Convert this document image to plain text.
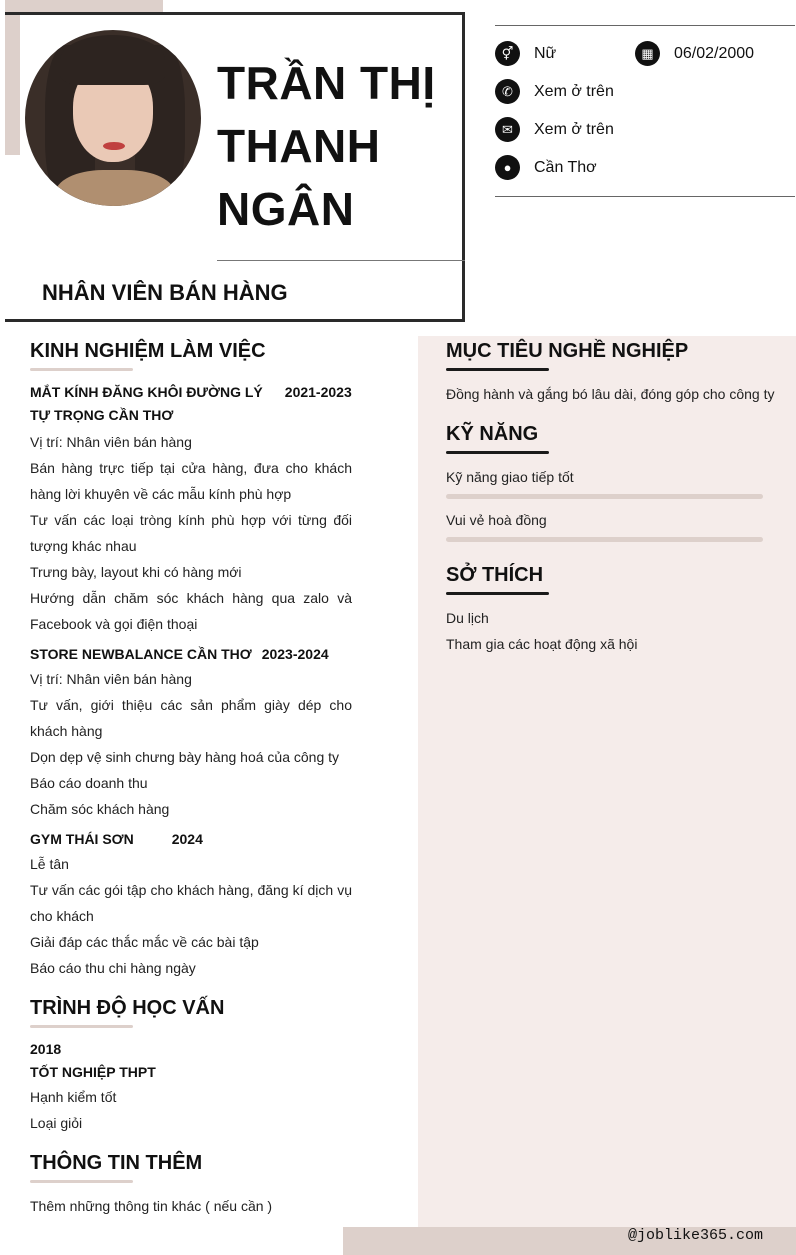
TRẦN THỊ
THANH
NGÂN
NHÂN VIÊN BÁN HÀNG
⚥	Nữ	▦	06/02/2000
✆	Xem ở trên
✉	Xem ở trên
●	Cần Thơ
KINH NGHIỆM LÀM VIỆC
MẮT KÍNH ĐĂNG KHÔI ĐƯỜNG LÝ 2021-2023
TỰ TRỌNG CẦN THƠ
Vị trí: Nhân viên bán hàng
Bán hàng trực tiếp tại cửa hàng, đưa cho khách hàng lời khuyên về các mẫu kính phù hợp
Tư vấn các loại tròng kính phù hợp với từng đối tượng khác nhau
Trưng bày, layout khi có hàng mới
Hướng dẫn chăm sóc khách hàng qua zalo và Facebook và gọi điện thoại
STORE NEWBALANCE CẦN THƠ 2023-2024
Vị trí: Nhân viên bán hàng
Tư vấn, giới thiệu các sản phẩm giày dép cho khách hàng
Dọn dẹp vệ sinh chưng bày hàng hoá của công ty
Báo cáo doanh thu
Chăm sóc khách hàng
GYM THÁI SƠN	2024
Lễ tân
Tư vấn các gói tập cho khách hàng, đăng kí dịch vụ cho khách
Giải đáp các thắc mắc về các bài tập
Báo cáo thu chi hàng ngày
TRÌNH ĐỘ HỌC VẤN
2018
TỐT NGHIỆP THPT
Hạnh kiểm tốt
Loại giỏi
THÔNG TIN THÊM
Thêm những thông tin khác ( nếu cần )
MỤC TIÊU NGHỀ NGHIỆP
Đồng hành và gắng bó lâu dài, đóng góp cho công ty
KỸ NĂNG
Kỹ năng giao tiếp tốt
Vui vẻ hoà đồng
SỞ THÍCH
Du lịch
Tham gia các hoạt động xã hội
@joblike365.com
